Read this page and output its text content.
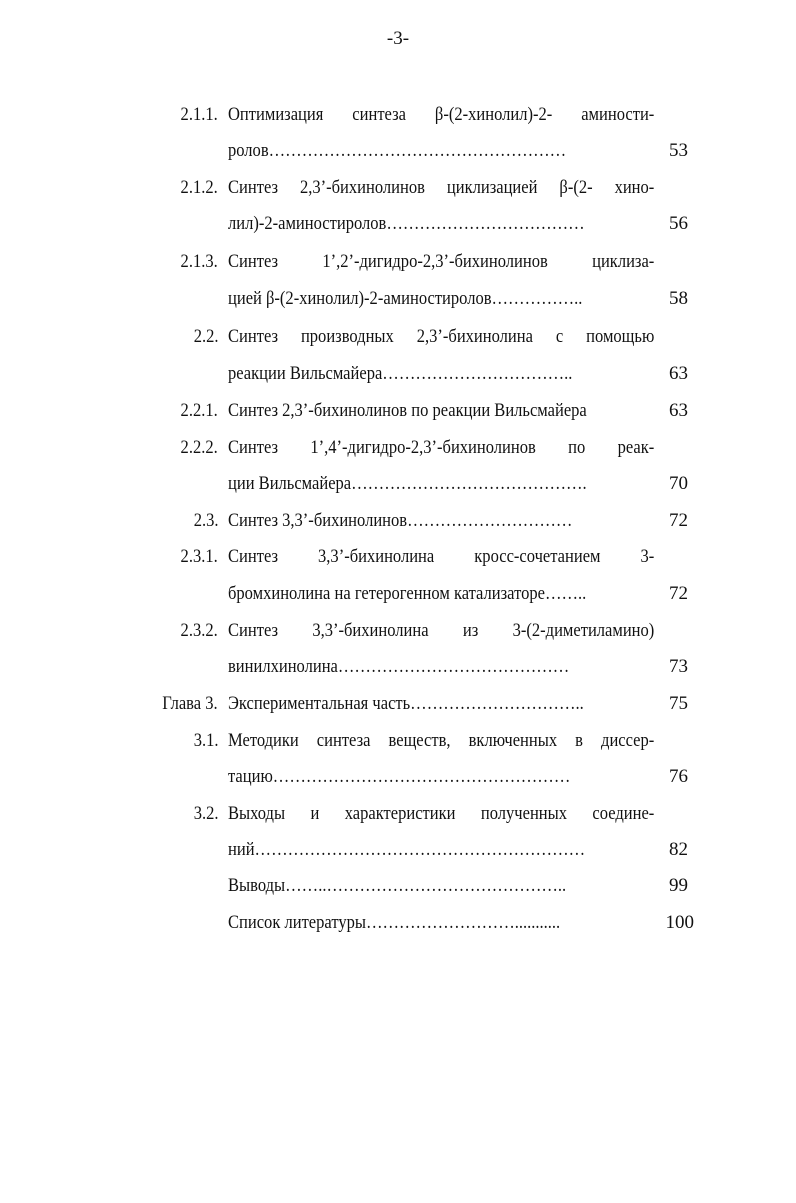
-3-
2.1.1. Оптимизация синтеза β-(2-хинолил)-2- аминости-
ролов………………………………………………	53
2.1.2. Синтез 2,3’-бихинолинов циклизацией β-(2- хино-
лил)-2-аминостиролов………………………………	56
2.1.3. Синтез 1’,2’-дигидро-2,3’-бихинолинов циклиза-
цией β-(2-хинолил)-2-аминостиролов……………..	58
2.2. Синтез производных 2,3’-бихинолина с помощью
реакции Вильсмайера……………………………..	63
2.2.1. Синтез 2,3’-бихинолинов по реакции Вильсмайера	63
2.2.2. Синтез 1’,4’-дигидро-2,3’-бихинолинов по реак-
ции Вильсмайера…………………………………….	70
2.3. Синтез 3,3’-бихинолинов…………………………	72
2.3.1. Синтез 3,3’-бихинолина кросс-сочетанием 3-
бромхинолина на гетерогенном катализаторе……..	72
2.3.2. Синтез 3,3’-бихинолина из 3-(2-диметиламино)
винилхинолина……………………………………	73
Глава 3. Экспериментальная часть…………………………..	75
3.1. Методики синтеза веществ, включенных в диссер-
тацию………………………………………………	76
3.2. Выходы и характеристики полученных соедине-
ний……………………………………………………	82
Выводы……..……………………………………..	99
Список литературы………………………...........	100
